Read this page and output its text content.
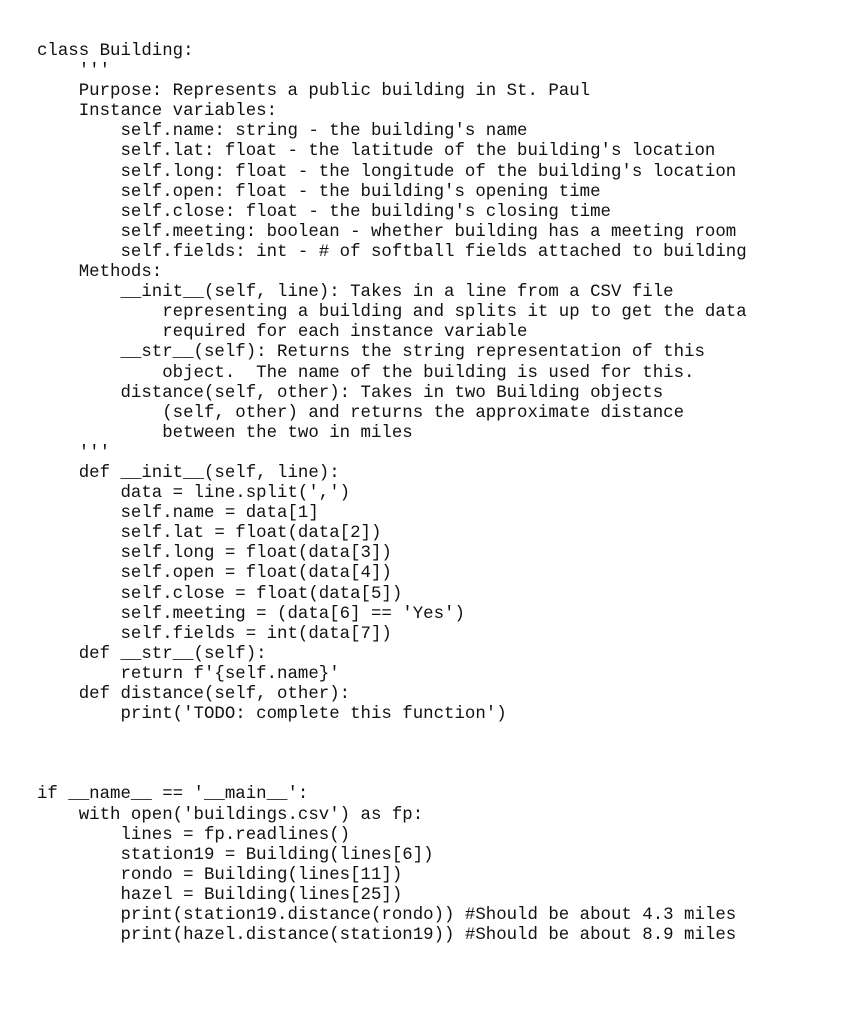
class Building:
'''
Purpose: Represents a public building in St. Paul
Instance variables:
self.name: string - the building's name
self.lat: float - the latitude of the building's location
self.long: float - the longitude of the building's location
self.open: float - the building's opening time
self.close: float - the building's closing time
self.meeting: boolean - whether building has a meeting room
self.fields: int - # of softball fields attached to building
Methods:
__init__(self, line): Takes in a line from a CSV file
representing a building and splits it up to get the data
required for each instance variable
__str__(self): Returns the string representation of this
object.  The name of the building is used for this.
distance(self, other): Takes in two Building objects
(self, other) and returns the approximate distance
between the two in miles
'''
def __init__(self, line):
data = line.split(',')
self.name = data[1]
self.lat = float(data[2])
self.long = float(data[3])
self.open = float(data[4])
self.close = float(data[5])
self.meeting = (data[6] == 'Yes')
self.fields = int(data[7])
def __str__(self):
return f'{self.name}'
def distance(self, other):
print('TODO: complete this function')
if __name__ == '__main__':
with open('buildings.csv') as fp:
lines = fp.readlines()
station19 = Building(lines[6])
rondo = Building(lines[11])
hazel = Building(lines[25])
print(station19.distance(rondo)) #Should be about 4.3 miles
print(hazel.distance(station19)) #Should be about 8.9 miles
